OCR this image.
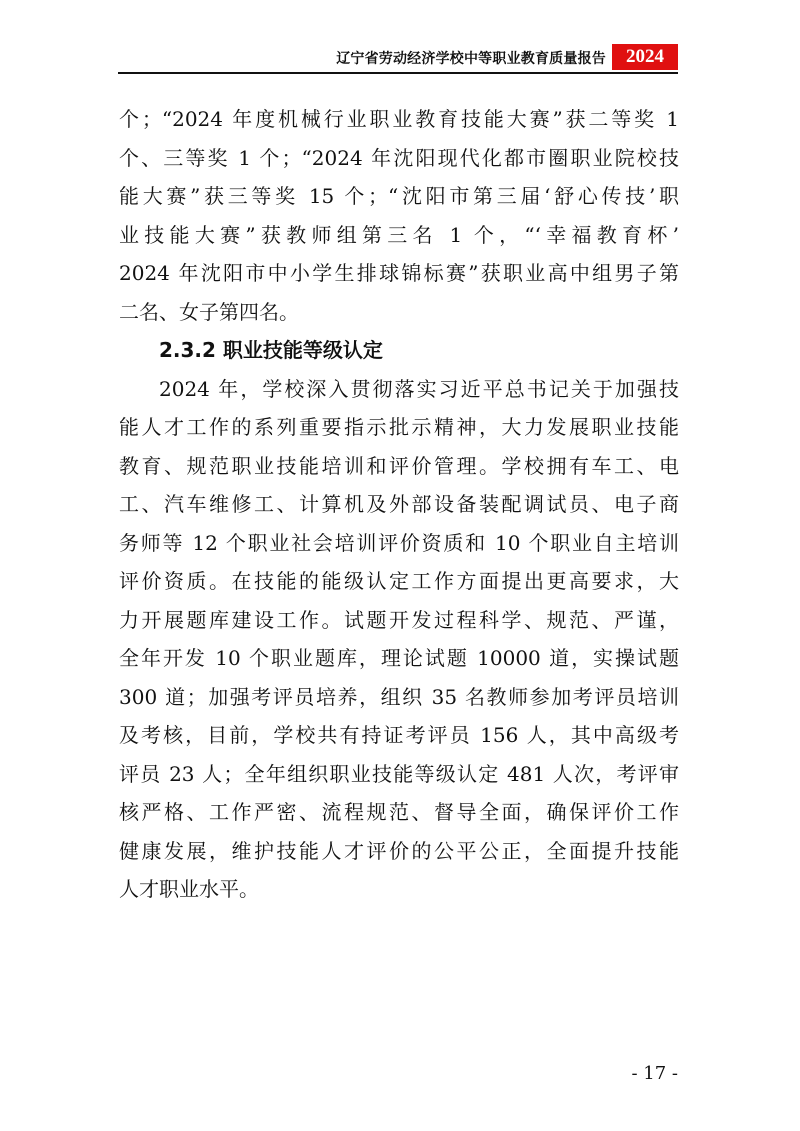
辽宁省劳动经济学校中等职业教育质量报告	2024
个；“2024 年度机械行业职业教育技能大赛”获二等奖 1
个、三等奖 1 个；“2024 年沈阳现代化都市圈职业院校技
能大赛”获三等奖 15 个；“沈阳市第三届‘舒心传技’职
业技能大赛”获教师组第三名 1 个，“‘幸福教育杯’
2024 年沈阳市中小学生排球锦标赛”获职业高中组男子第
二名、女子第四名。
2.3.2 职业技能等级认定
2024 年，学校深入贯彻落实习近平总书记关于加强技
能人才工作的系列重要指示批示精神，大力发展职业技能
教育、规范职业技能培训和评价管理。学校拥有车工、电
工、汽车维修工、计算机及外部设备装配调试员、电子商
务师等 12 个职业社会培训评价资质和 10 个职业自主培训
评价资质。在技能的能级认定工作方面提出更高要求，大
力开展题库建设工作。试题开发过程科学、规范、严谨，
全年开发 10 个职业题库，理论试题 10000 道，实操试题
300 道；加强考评员培养，组织 35 名教师参加考评员培训
及考核，目前，学校共有持证考评员 156 人，其中高级考
评员 23 人；全年组织职业技能等级认定 481 人次，考评审
核严格、工作严密、流程规范、督导全面，确保评价工作
健康发展，维护技能人才评价的公平公正，全面提升技能
人才职业水平。
- 17 -
